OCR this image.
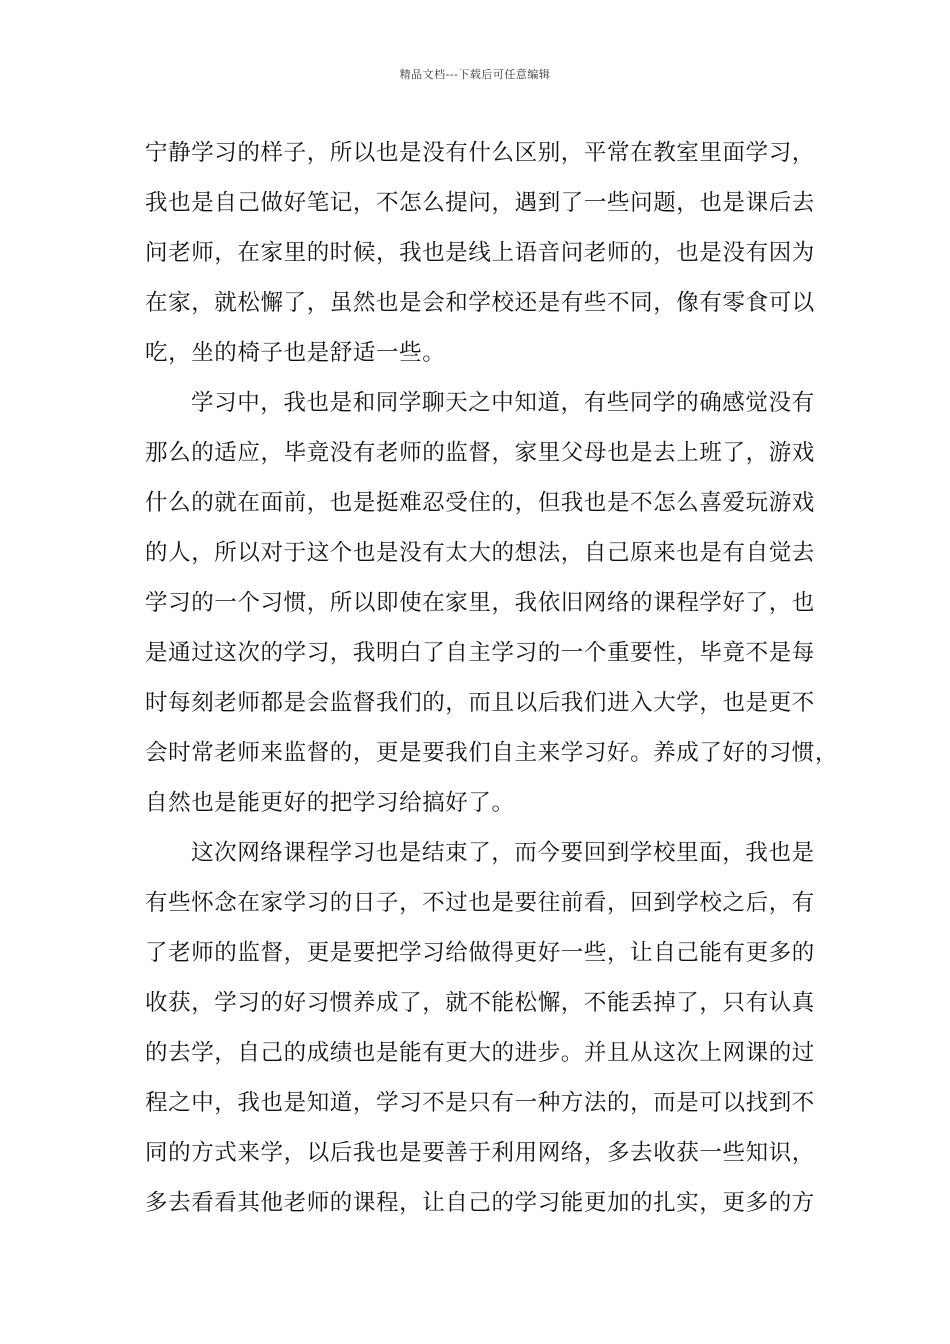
精品文档---下载后可任意编辑
宁静学习的样子，所以也是没有什么区别，平常在教室里面学习，
我也是自己做好笔记，不怎么提问，遇到了一些问题，也是课后去
问老师，在家里的时候，我也是线上语音问老师的，也是没有因为
在家，就松懈了，虽然也是会和学校还是有些不同，像有零食可以
吃，坐的椅子也是舒适一些。
学习中，我也是和同学聊天之中知道，有些同学的确感觉没有
那么的适应，毕竟没有老师的监督，家里父母也是去上班了，游戏
什么的就在面前，也是挺难忍受住的，但我也是不怎么喜爱玩游戏
的人，所以对于这个也是没有太大的想法，自己原来也是有自觉去
学习的一个习惯，所以即使在家里，我依旧网络的课程学好了，也
是通过这次的学习，我明白了自主学习的一个重要性，毕竟不是每
时每刻老师都是会监督我们的，而且以后我们进入大学，也是更不
会时常老师来监督的，更是要我们自主来学习好。养成了好的习惯，
自然也是能更好的把学习给搞好了。
这次网络课程学习也是结束了，而今要回到学校里面，我也是
有些怀念在家学习的日子，不过也是要往前看，回到学校之后，有
了老师的监督，更是要把学习给做得更好一些，让自己能有更多的
收获，学习的好习惯养成了，就不能松懈，不能丢掉了，只有认真
的去学，自己的成绩也是能有更大的进步。并且从这次上网课的过
程之中，我也是知道，学习不是只有一种方法的，而是可以找到不
同的方式来学，以后我也是要善于利用网络，多去收获一些知识，
多去看看其他老师的课程，让自己的学习能更加的扎实，更多的方
